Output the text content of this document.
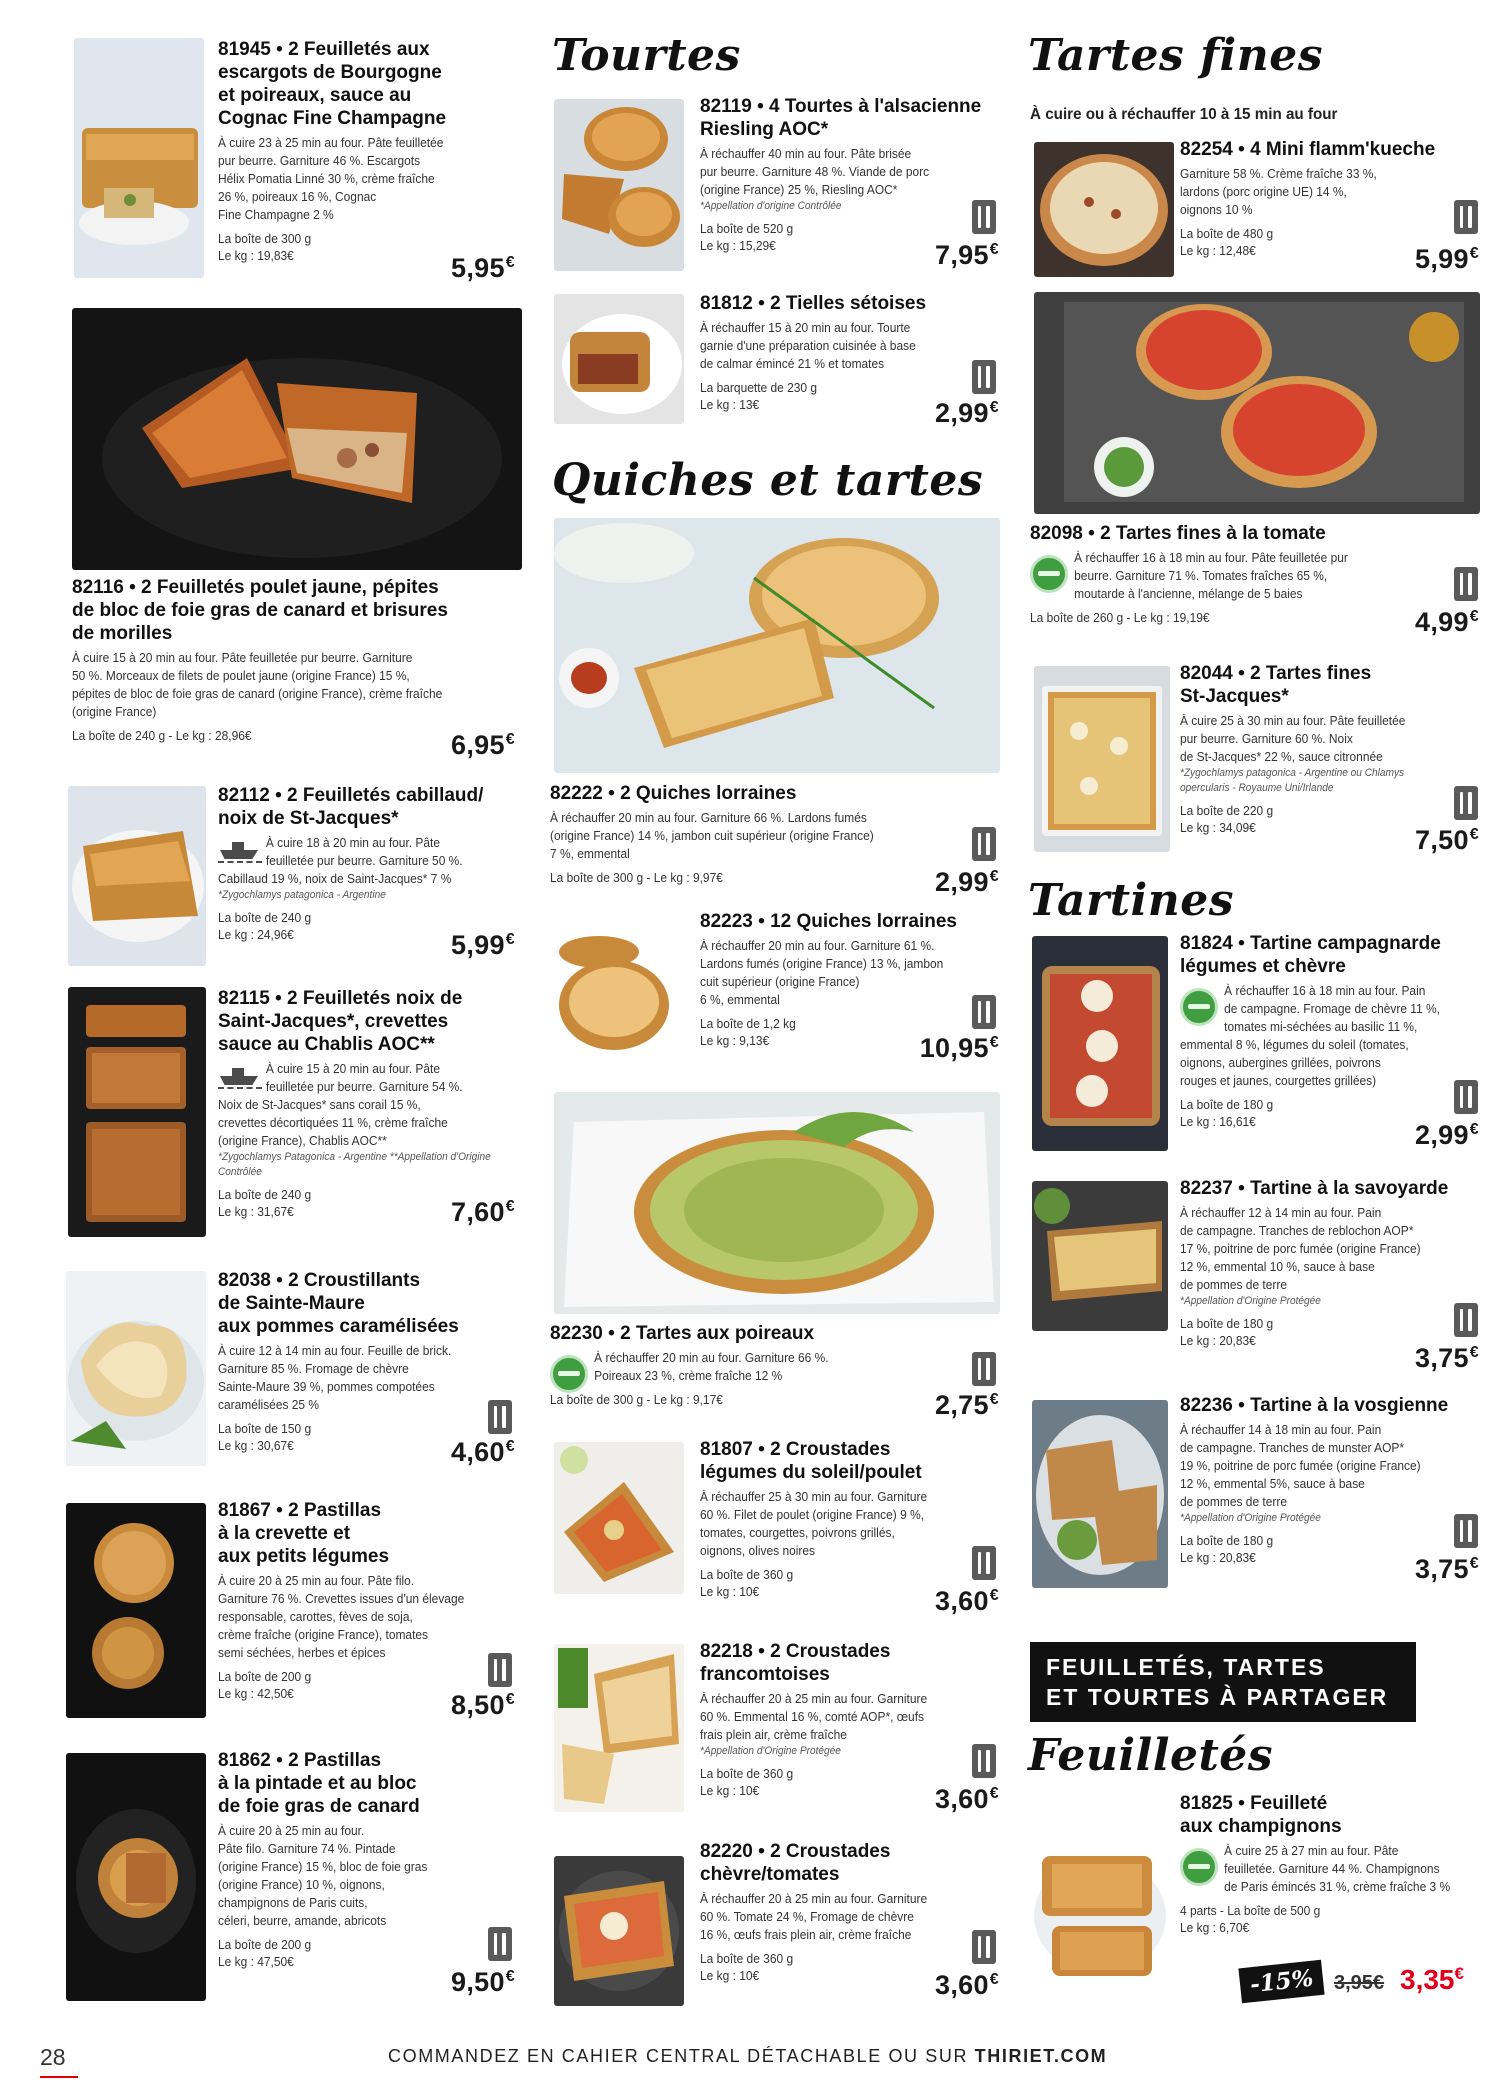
81945 • 2 Feuilletés aux
escargots de Bourgogne
et poireaux, sauce au
Cognac Fine Champagne
À cuire 23 à 25 min au four. Pâte feuilletée
pur beurre. Garniture 46 %. Escargots
Hélix Pomatia Linné 30 %, crème fraîche
26 %, poireaux 16 %, Cognac
Fine Champagne 2 %
La boîte de 300 g
Le kg : 19,83€	5,95€
82116 • 2 Feuilletés poulet jaune, pépites
de bloc de foie gras de canard et brisures
de morilles
À cuire 15 à 20 min au four. Pâte feuilletée pur beurre. Garniture
50 %. Morceaux de filets de poulet jaune (origine France) 15 %,
pépites de bloc de foie gras de canard (origine France), crème fraîche
(origine France)
La boîte de 240 g - Le kg : 28,96€	6,95€
82112 • 2 Feuilletés cabillaud/
noix de St-Jacques*
À cuire 18 à 20 min au four. Pâte
feuilletée pur beurre. Garniture 50 %.
Cabillaud 19 %, noix de Saint-Jacques* 7 %
*Zygochlamys patagonica - Argentine
La boîte de 240 g
Le kg : 24,96€	5,99€
82115 • 2 Feuilletés noix de
Saint-Jacques*, crevettes
sauce au Chablis AOC**
À cuire 15 à 20 min au four. Pâte
feuilletée pur beurre. Garniture 54 %.
Noix de St-Jacques* sans corail 15 %,
crevettes décortiquées 11 %, crème fraîche
(origine France), Chablis AOC**
*Zygochlamys Patagonica - Argentine **Appellation d'Origine Contrôlée
La boîte de 240 g
Le kg : 31,67€	7,60€
82038 • 2 Croustillants
de Sainte-Maure
aux pommes caramélisées
À cuire 12 à 14 min au four. Feuille de brick.
Garniture 85 %. Fromage de chèvre
Sainte-Maure 39 %, pommes compotées
caramélisées 25 %
La boîte de 150 g
Le kg : 30,67€	4,60€
81867 • 2 Pastillas
à la crevette et
aux petits légumes
À cuire 20 à 25 min au four. Pâte filo.
Garniture 76 %. Crevettes issues d'un élevage
responsable, carottes, fèves de soja,
crème fraîche (origine France), tomates
semi séchées, herbes et épices
La boîte de 200 g
Le kg : 42,50€	8,50€
81862 • 2 Pastillas
à la pintade et au bloc
de foie gras de canard
À cuire 20 à 25 min au four.
Pâte filo. Garniture 74 %. Pintade
(origine France) 15 %, bloc de foie gras
(origine France) 10 %, oignons,
champignons de Paris cuits,
céleri, beurre, amande, abricots
La boîte de 200 g
Le kg : 47,50€
9,50€
Tourtes
82119 • 4 Tourtes à l'alsacienne
Riesling AOC*
À réchauffer 40 min au four. Pâte brisée
pur beurre. Garniture 48 %. Viande de porc
(origine France) 25 %, Riesling AOC*
*Appellation d'origine Contrôlée
La boîte de 520 g
Le kg : 15,29€	7,95€
81812 • 2 Tielles sétoises
À réchauffer 15 à 20 min au four. Tourte
garnie d'une préparation cuisinée à base
de calmar émincé 21 % et tomates
La barquette de 230 g
Le kg : 13€	2,99€
Quiches et tartes
82222 • 2 Quiches lorraines
À réchauffer 20 min au four. Garniture 66 %. Lardons fumés
(origine France) 14 %, jambon cuit supérieur (origine France)
7 %, emmental
La boîte de 300 g - Le kg : 9,97€	2,99€
82223 • 12 Quiches lorraines
À réchauffer 20 min au four. Garniture 61 %.
Lardons fumés (origine France) 13 %, jambon
cuit supérieur (origine France)
6 %, emmental
La boîte de 1,2 kg
Le kg : 9,13€	10,95€
82230 • 2 Tartes aux poireaux
À réchauffer 20 min au four. Garniture 66 %.
Poireaux 23 %, crème fraîche 12 %
La boîte de 300 g - Le kg : 9,17€	2,75€
81807 • 2 Croustades
légumes du soleil/poulet
À réchauffer 25 à 30 min au four. Garniture
60 %. Filet de poulet (origine France) 9 %,
tomates, courgettes, poivrons grillés,
oignons, olives noires
La boîte de 360 g
Le kg : 10€	3,60€
82218 • 2 Croustades
francomtoises
À réchauffer 20 à 25 min au four. Garniture
60 %. Emmental 16 %, comté AOP*, œufs
frais plein air, crème fraîche
*Appellation d'Origine Protégée
La boîte de 360 g
Le kg : 10€	3,60€
82220 • 2 Croustades
chèvre/tomates
À réchauffer 20 à 25 min au four. Garniture
60 %. Tomate 24 %, Fromage de chèvre
16 %, œufs frais plein air, crème fraîche
La boîte de 360 g
Le kg : 10€	3,60€
Tartes fines
À cuire ou à réchauffer 10 à 15 min au four
82254 • 4 Mini flamm'kueche
Garniture 58 %. Crème fraîche 33 %,
lardons (porc origine UE) 14 %,
oignons 10 %
La boîte de 480 g
Le kg : 12,48€	5,99€
82098 • 2 Tartes fines à la tomate
À réchauffer 16 à 18 min au four. Pâte feuilletée pur
beurre. Garniture 71 %. Tomates fraîches 65 %,
moutarde à l'ancienne, mélange de 5 baies
La boîte de 260 g - Le kg : 19,19€	4,99€
82044 • 2 Tartes fines
St-Jacques*
À cuire 25 à 30 min au four. Pâte feuilletée
pur beurre. Garniture 60 %. Noix
de St-Jacques* 22 %, sauce citronnée
*Zygochlamys patagonica - Argentine ou Chlamys opercularis - Royaume Uni/Irlande
La boîte de 220 g
Le kg : 34,09€	7,50€
Tartines
81824 • Tartine campagnarde
légumes et chèvre
À réchauffer 16 à 18 min au four. Pain
de campagne. Fromage de chèvre 11 %,
tomates mi-séchées au basilic 11 %,
emmental 8 %, légumes du soleil (tomates,
oignons, aubergines grillées, poivrons
rouges et jaunes, courgettes grillées)
La boîte de 180 g
Le kg : 16,61€	2,99€
82237 • Tartine à la savoyarde
À réchauffer 12 à 14 min au four. Pain
de campagne. Tranches de reblochon AOP*
17 %, poitrine de porc fumée (origine France)
12 %, emmental 10 %, sauce à base
de pommes de terre
*Appellation d'Origine Protégée
La boîte de 180 g
Le kg : 20,83€
3,75€
82236 • Tartine à la vosgienne
À réchauffer 14 à 18 min au four. Pain
de campagne. Tranches de munster AOP*
19 %, poitrine de porc fumée (origine France)
12 %, emmental 5%, sauce à base
de pommes de terre
*Appellation d'Origine Protégée
La boîte de 180 g
Le kg : 20,83€	3,75€
FEUILLETÉS, TARTES
ET TOURTES À PARTAGER
Feuilletés
81825 • Feuilleté
aux champignons
À cuire 25 à 27 min au four. Pâte
feuilletée. Garniture 44 %. Champignons
de Paris émincés 31 %, crème fraîche 3 %
4 parts - La boîte de 500 g
Le kg : 6,70€
-15% 3,95€ 3,35€
28	COMMANDEZ EN CAHIER CENTRAL DÉTACHABLE OU SUR THIRIET.COM
